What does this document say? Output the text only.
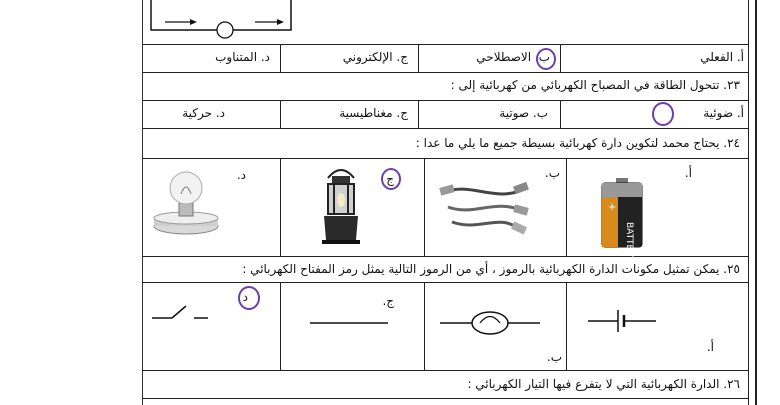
أ. الفعلي
ب. الاصطلاحي
ج. الإلكتروني
د. المتناوب
٢٣. تتحول الطاقة في المصباح الكهربائي من كهربائية إلى :
أ. ضوئية
ب. صوتية
ج. مغناطيسية
د. حركية
٢٤. يحتاج محمد لتكوين دارة كهربائية بسيطة جميع ما يلي ما عدا :
أ.
ب.
ج
د.
BATTERY
+
٢٥. يمكن تمثيل مكونات الدارة الكهربائية بالرموز ، أي من الرموز التالية يمثل رمز المفتاح الكهربائي :
أ.
ب.
ج.
د
٢٦. الدارة الكهربائية التي لا يتفرع فيها التيار الكهربائي :
